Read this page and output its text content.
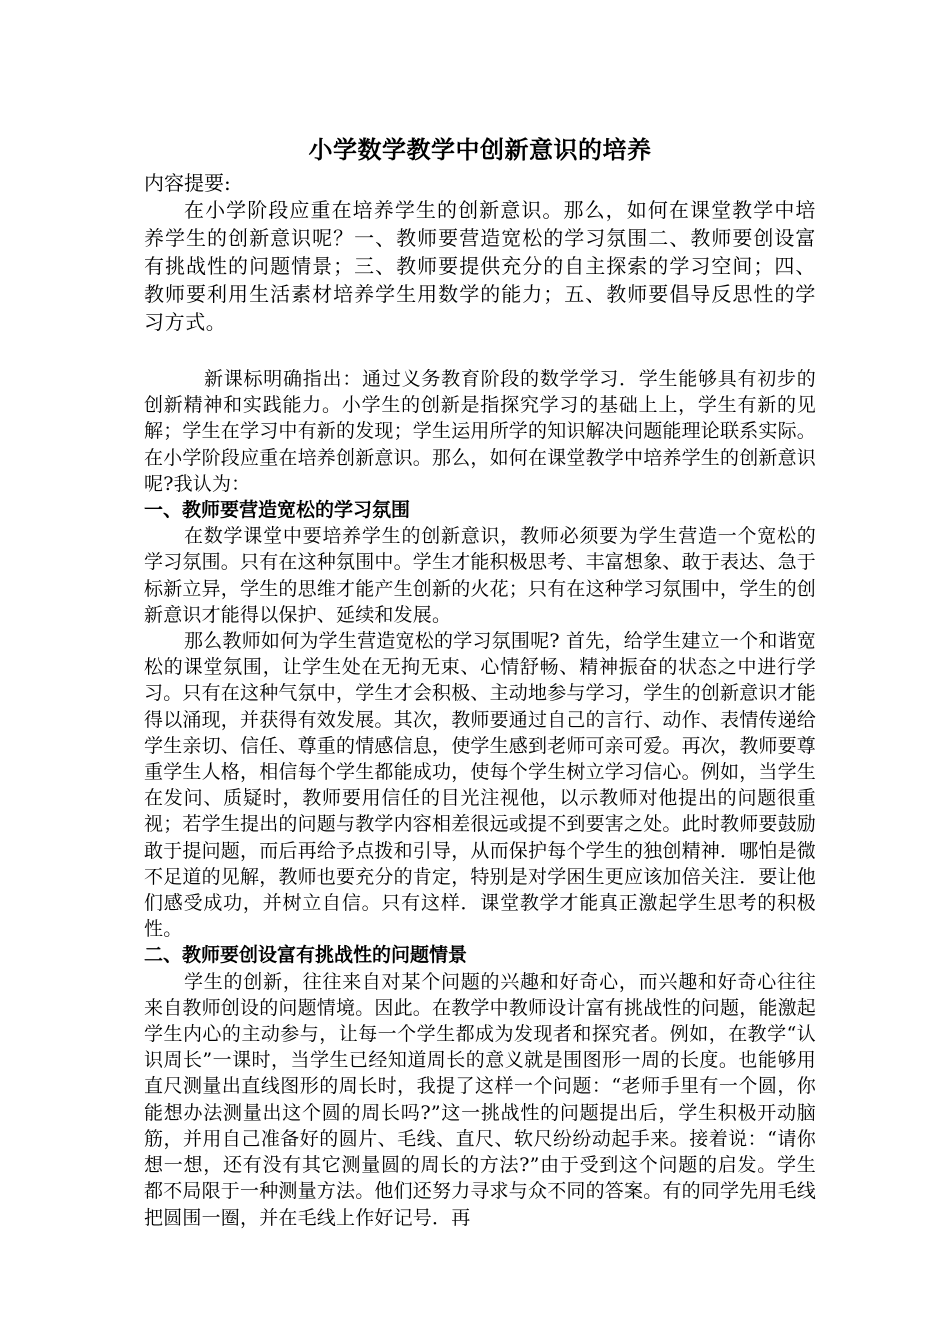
小学数学教学中创新意识的培养

内容提要:

在小学阶段应重在培养学生的创新意识。那么，如何在课堂教学中培养学生的创新意识呢？一、教师要营造宽松的学习氛围二、教师要创设富有挑战性的问题情景；三、教师要提供充分的自主探索的学习空间；四、教师要利用生活素材培养学生用数学的能力；五、教师要倡导反思性的学习方式。

新课标明确指出：通过义务教育阶段的数学学习．学生能够具有初步的创新精神和实践能力。小学生的创新是指探究学习的基础上上，学生有新的见解；学生在学习中有新的发现；学生运用所学的知识解决问题能理论联系实际。在小学阶段应重在培养创新意识。那么，如何在课堂教学中培养学生的创新意识呢?我认为：

一、教师要营造宽松的学习氛围

在数学课堂中要培养学生的创新意识，教师必须要为学生营造一个宽松的学习氛围。只有在这种氛围中。学生才能积极思考、丰富想象、敢于表达、急于标新立异，学生的思维才能产生创新的火花；只有在这种学习氛围中，学生的创新意识才能得以保护、延续和发展。

那么教师如何为学生营造宽松的学习氛围呢? 首先，给学生建立一个和谐宽松的课堂氛围，让学生处在无拘无束、心情舒畅、精神振奋的状态之中进行学习。只有在这种气氛中，学生才会积极、主动地参与学习，学生的创新意识才能得以涌现，并获得有效发展。其次，教师要通过自己的言行、动作、表情传递给学生亲切、信任、尊重的情感信息，使学生感到老师可亲可爱。再次，教师要尊重学生人格，相信每个学生都能成功，使每个学生树立学习信心。例如，当学生在发问、质疑时，教师要用信任的目光注视他，以示教师对他提出的问题很重视；若学生提出的问题与教学内容相差很远或提不到要害之处。此时教师要鼓励敢于提问题，而后再给予点拨和引导，从而保护每个学生的独创精神．哪怕是微不足道的见解，教师也要充分的肯定，特别是对学困生更应该加倍关注．要让他们感受成功，并树立自信。只有这样．课堂教学才能真正激起学生思考的积极性。

二、教师要创设富有挑战性的问题情景

学生的创新，往往来自对某个问题的兴趣和好奇心，而兴趣和好奇心往往来自教师创设的问题情境。因此。在教学中教师设计富有挑战性的问题，能激起学生内心的主动参与，让每一个学生都成为发现者和探究者。例如，在教学“认识周长”一课时，当学生已经知道周长的意义就是围图形一周的长度。也能够用直尺测量出直线图形的周长时，我提了这样一个问题：“老师手里有一个圆，你能想办法测量出这个圆的周长吗?”这一挑战性的问题提出后，学生积极开动脑筋，并用自己准备好的圆片、毛线、直尺、软尺纷纷动起手来。接着说：“请你想一想，还有没有其它测量圆的周长的方法?”由于受到这个问题的启发。学生都不局限于一种测量方法。他们还努力寻求与众不同的答案。有的同学先用毛线把圆围一圈，并在毛线上作好记号．再
